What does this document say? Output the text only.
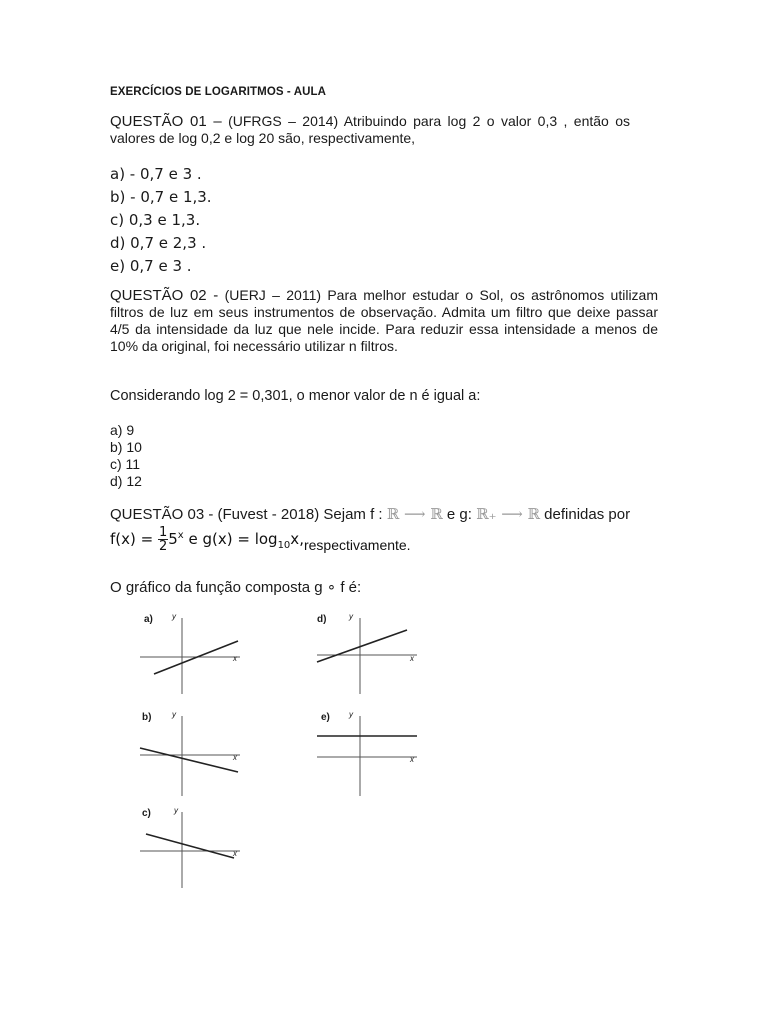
EXERCÍCIOS DE LOGARITMOS - AULA
QUESTÃO 01 – (UFRGS – 2014) Atribuindo para log 2 o valor 0,3 , então os valores de log 0,2 e log 20 são, respectivamente,
a) - 0,7 e 3 .
b) - 0,7 e 1,3.
c) 0,3 e 1,3.
d) 0,7 e 2,3 .
e) 0,7 e 3 .
QUESTÃO 02 - (UERJ – 2011) Para melhor estudar o Sol, os astrônomos utilizam filtros de luz em seus instrumentos de observação. Admita um filtro que deixe passar 4/5 da intensidade da luz que nele incide. Para reduzir essa intensidade a menos de 10% da original, foi necessário utilizar n filtros.
Considerando log 2 = 0,301, o menor valor de n é igual a:
a) 9
b) 10
c) 11
d) 12
QUESTÃO 03 - (Fuvest - 2018) Sejam f : ℝ ⟶ ℝ e g: ℝ₊ ⟶ ℝ definidas por
$f(x) = \frac{1}{2} 5^x$ e $g(x) = \log_{10}x,respectivamente$.
O gráfico da função composta g ∘ f é:
a) y
x
d)	y
x
b)	y
x
e) y
x
c)	y
x
